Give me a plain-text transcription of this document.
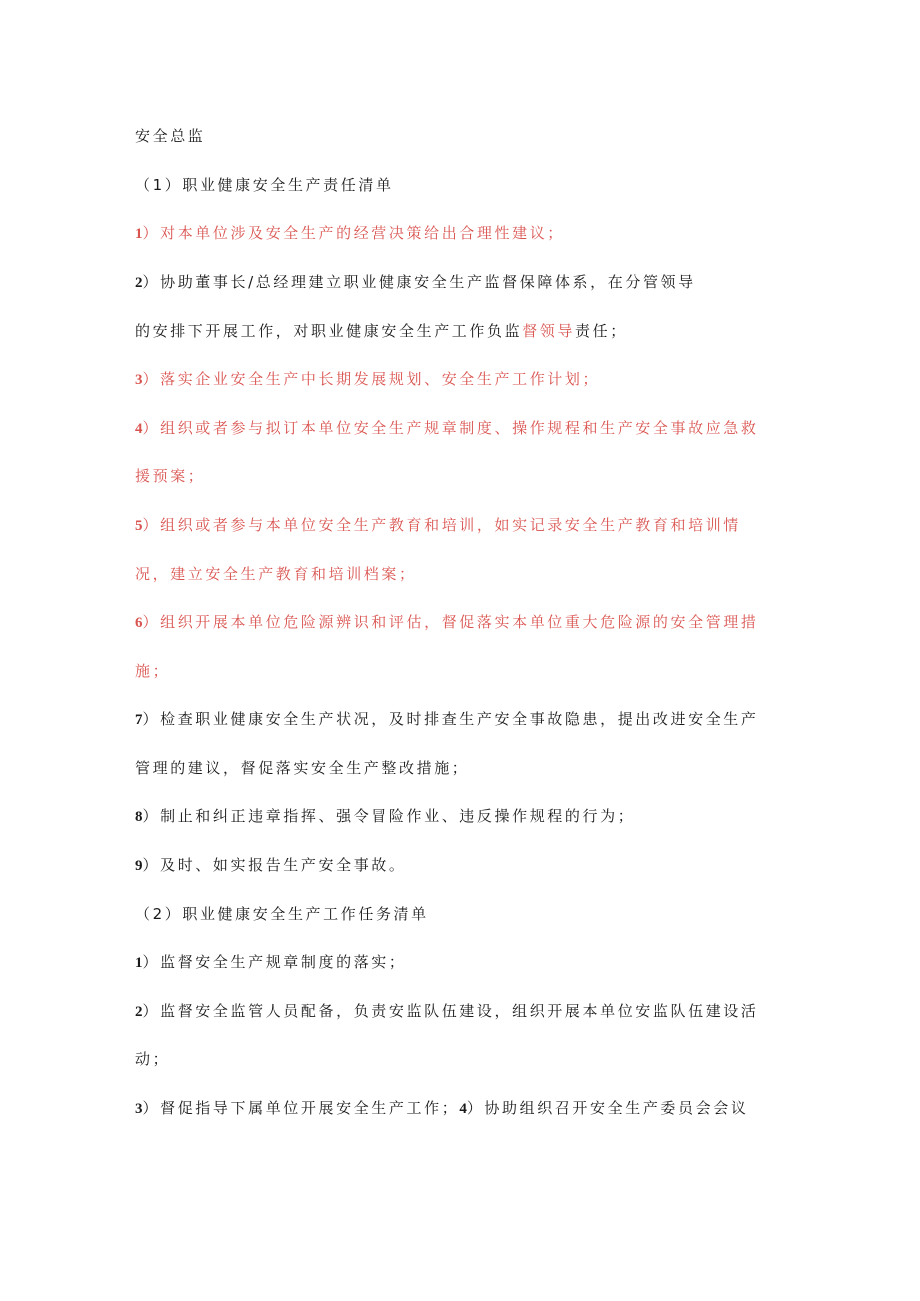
安全总监
（1）职业健康安全生产责任清单
1）对本单位涉及安全生产的经营决策给出合理性建议；
2）协助董事长/总经理建立职业健康安全生产监督保障体系，在分管领导
的安排下开展工作，对职业健康安全生产工作负监督领导责任；
3）落实企业安全生产中长期发展规划、安全生产工作计划；
4）组织或者参与拟订本单位安全生产规章制度、操作规程和生产安全事故应急救
援预案；
5）组织或者参与本单位安全生产教育和培训，如实记录安全生产教育和培训情
况，建立安全生产教育和培训档案；
6）组织开展本单位危险源辨识和评估，督促落实本单位重大危险源的安全管理措
施；
7）检查职业健康安全生产状况，及时排查生产安全事故隐患，提出改进安全生产
管理的建议，督促落实安全生产整改措施；
8）制止和纠正违章指挥、强令冒险作业、违反操作规程的行为；
9）及时、如实报告生产安全事故。
（2）职业健康安全生产工作任务清单
1）监督安全生产规章制度的落实；
2）监督安全监管人员配备，负责安监队伍建设，组织开展本单位安监队伍建设活
动；
3）督促指导下属单位开展安全生产工作；4）协助组织召开安全生产委员会会议
